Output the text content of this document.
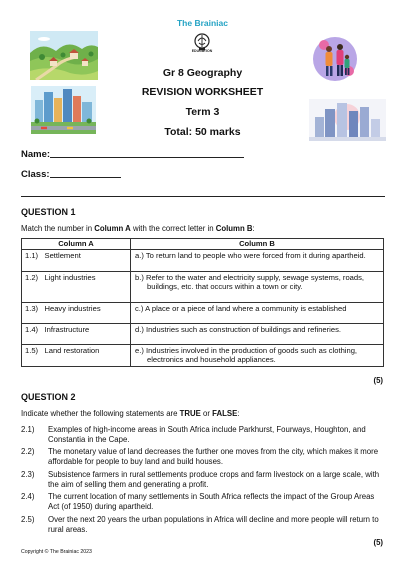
The Brainiac
EDUCATION
Gr 8 Geography
REVISION WORKSHEET
Term 3
Total: 50 marks
Name:
Class:
QUESTION 1
Match the number in Column A with the correct letter in Column B:
Column A		Column B
1.1)	Settlement	a.) To return land to people who were forced from it during apartheid.

1.2)	Light industries	b.) Refer to the water and electricity supply, sewage systems, roads, buildings, etc. that occurs within a town or city.

1.3)	Heavy industries	c.) A place or a piece of land where a community is established

1.4)	Infrastructure	d.) Industries such as construction of buildings and refineries.

1.5)	Land restoration	e.) Industries involved in the production of goods such as clothing, electronics and household appliances.
(5)
QUESTION 2
Indicate whether the following statements are TRUE or FALSE:
2.1)	Examples of high-income areas in South Africa include Parkhurst, Fourways, Houghton, and Constantia in the Cape.
2.2)	The monetary value of land decreases the further one moves from the city, which makes it more affordable for people to buy land and build houses.
2.3)	Subsistence farmers in rural settlements produce crops and farm livestock on a large scale, with the aim of selling them and generating a profit.
2.4)	The current location of many settlements in South Africa reflects the impact of the Group Areas Act (of 1950) during apartheid.
2.5)	Over the next 20 years the urban populations in Africa will decline and more people will return to rural areas.
(5)
Copyright © The Brainiac 2023
